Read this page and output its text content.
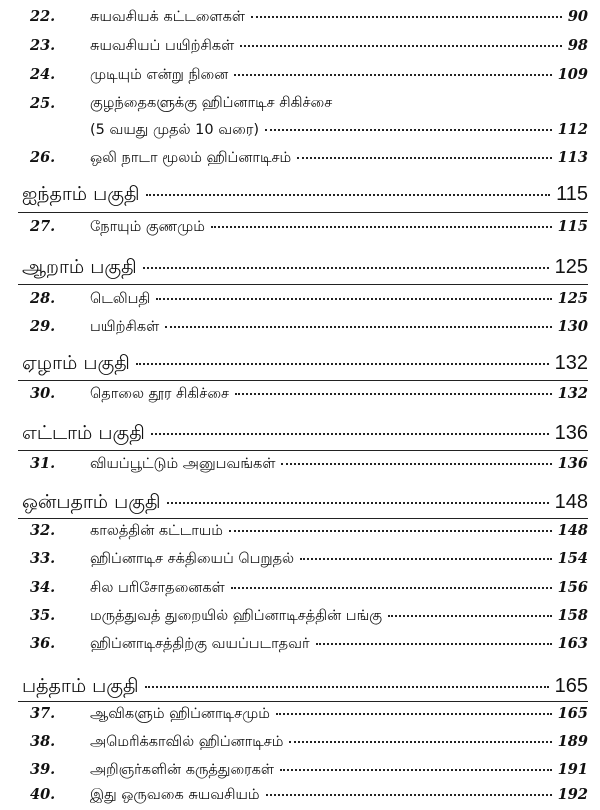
22. சுயவசியக் கட்டளைகள்	90
23. சுயவசியப் பயிற்சிகள்	98
24. முடியும் என்று நினை	109
25. குழந்தைகளுக்கு ஹிப்னாடிச சிகிச்சை
(5 வயது முதல் 10 வரை)	112
26. ஒலி நாடா மூலம் ஹிப்னாடிசம்	113
ஐந்தாம் பகுதி	115
27. நோயும் குணமும்	115
ஆறாம் பகுதி	125
28. டெலிபதி	125
29. பயிற்சிகள்	130
ஏழாம் பகுதி	132
30. தொலை தூர சிகிச்சை	132
எட்டாம் பகுதி	136
31. வியப்பூட்டும் அனுபவங்கள்	136
ஒன்பதாம் பகுதி	148
32. காலத்தின் கட்டாயம்	148
33. ஹிப்னாடிச சக்தியைப் பெறுதல்	154
34. சில பரிசோதனைகள்	156
35. மருத்துவத் துறையில் ஹிப்னாடிசத்தின் பங்கு	158
36. ஹிப்னாடிசத்திற்கு வயப்படாதவர்	163
பத்தாம் பகுதி	165
37. ஆவிகளும் ஹிப்னாடிசமும்	165
38. அமெரிக்காவில் ஹிப்னாடிசம்	189
39. அறிஞர்களின் கருத்துரைகள்	191
40. இது ஒருவகை சுயவசியம்	192
